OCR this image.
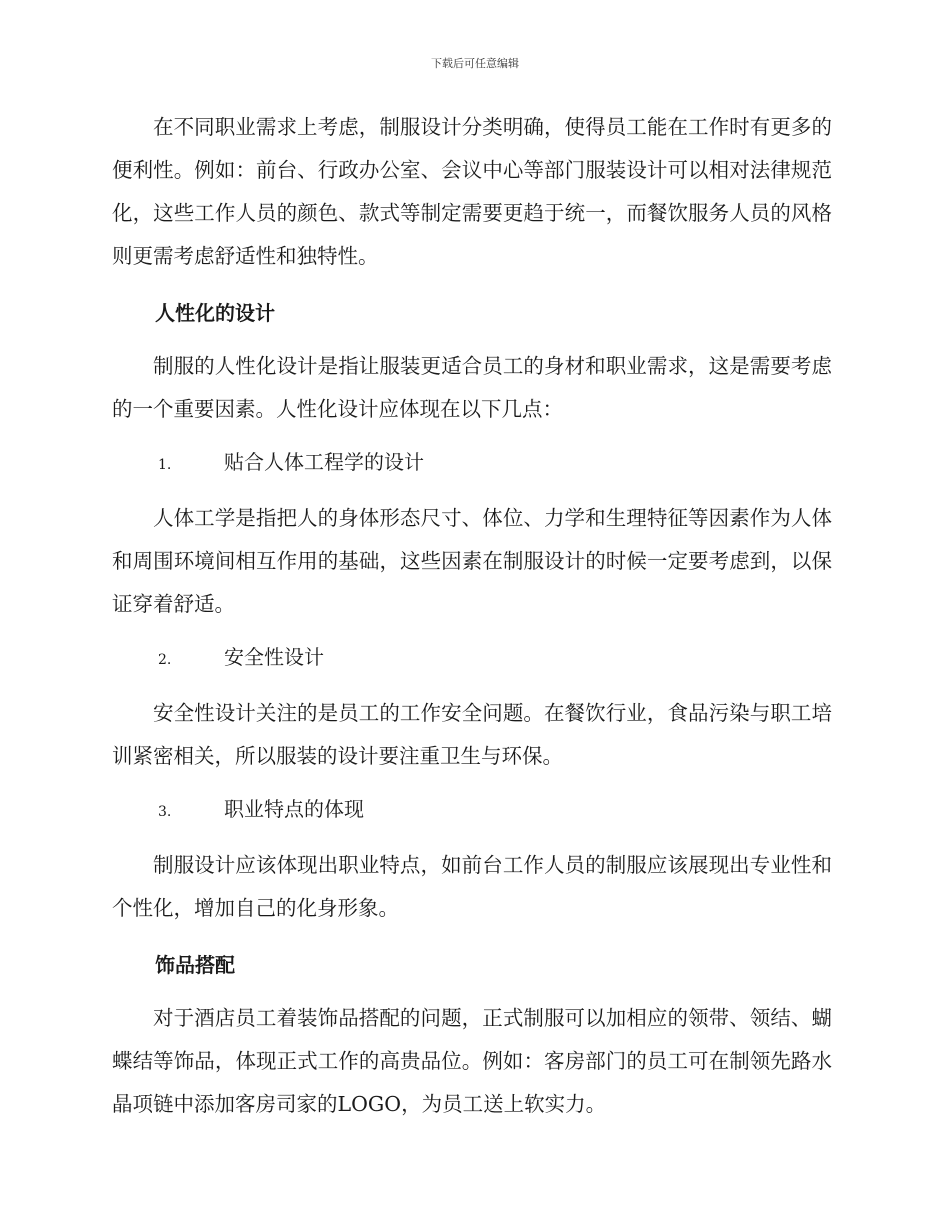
下载后可任意编辑

在不同职业需求上考虑，制服设计分类明确，使得员工能在工作时有更多的便利性。例如：前台、行政办公室、会议中心等部门服装设计可以相对法律规范化，这些工作人员的颜色、款式等制定需要更趋于统一，而餐饮服务人员的风格则更需考虑舒适性和独特性。

人性化的设计

制服的人性化设计是指让服装更适合员工的身材和职业需求，这是需要考虑的一个重要因素。人性化设计应体现在以下几点：

1.	贴合人体工程学的设计

人体工学是指把人的身体形态尺寸、体位、力学和生理特征等因素作为人体和周围环境间相互作用的基础，这些因素在制服设计的时候一定要考虑到，以保证穿着舒适。

2.	安全性设计

安全性设计关注的是员工的工作安全问题。在餐饮行业，食品污染与职工培训紧密相关，所以服装的设计要注重卫生与环保。

3.	职业特点的体现

制服设计应该体现出职业特点，如前台工作人员的制服应该展现出专业性和个性化，增加自己的化身形象。

饰品搭配

对于酒店员工着装饰品搭配的问题，正式制服可以加相应的领带、领结、蝴蝶结等饰品，体现正式工作的高贵品位。例如：客房部门的员工可在制领先路水晶项链中添加客房司家的LOGO，为员工送上软实力。
